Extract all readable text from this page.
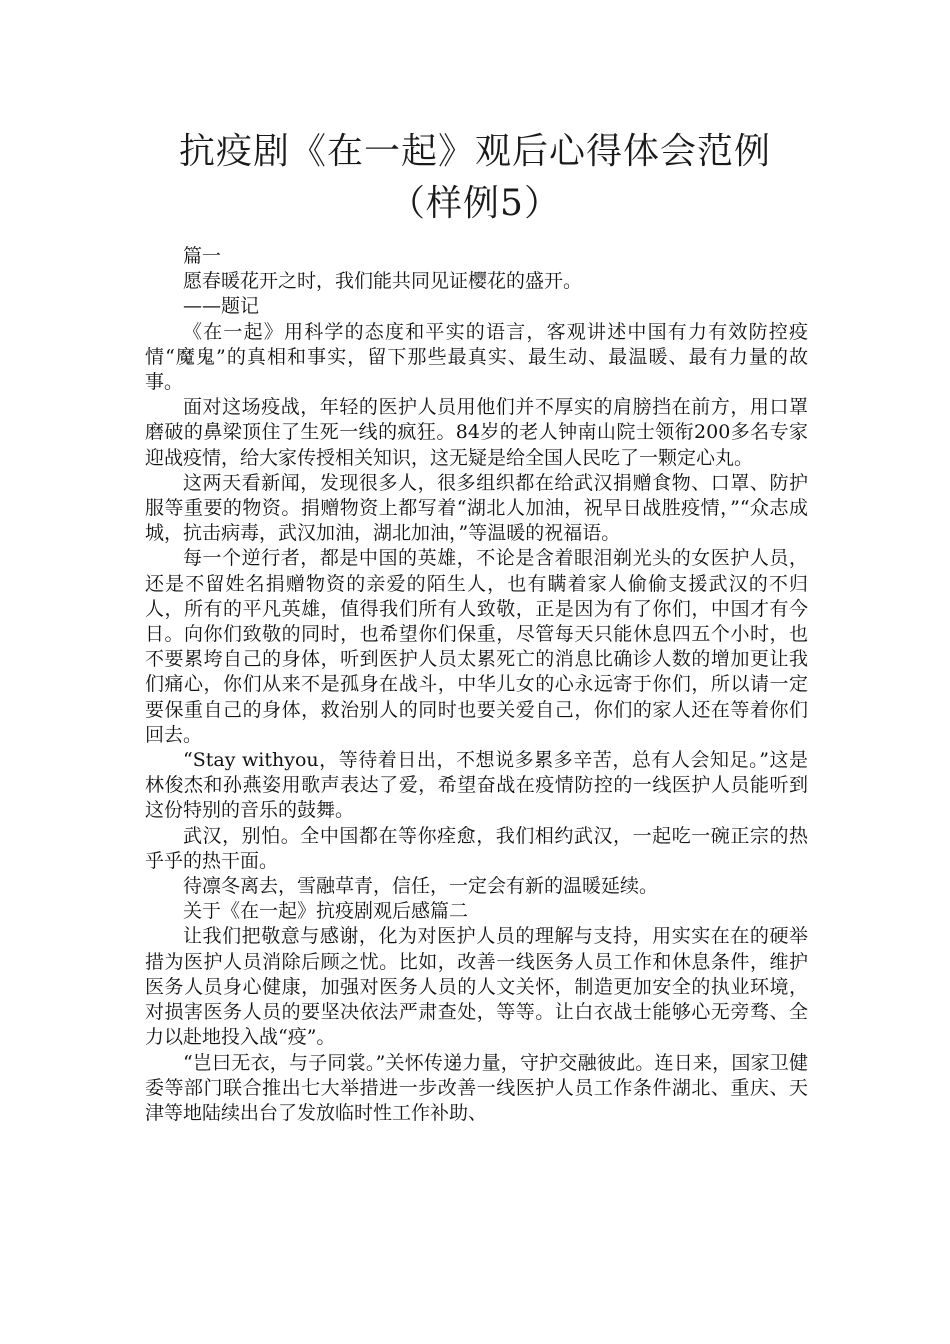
抗疫剧《在一起》观后心得体会范例（样例5）

篇一

愿春暖花开之时，我们能共同见证樱花的盛开。

——题记

《在一起》用科学的态度和平实的语言，客观讲述中国有力有效防控疫情“魔鬼”的真相和事实，留下那些最真实、最生动、最温暖、最有力量的故事。

面对这场疫战，年轻的医护人员用他们并不厚实的肩膀挡在前方，用口罩磨破的鼻梁顶住了生死一线的疯狂。84岁的老人钟南山院士领衔200多名专家迎战疫情，给大家传授相关知识，这无疑是给全国人民吃了一颗定心丸。

这两天看新闻，发现很多人，很多组织都在给武汉捐赠食物、口罩、防护服等重要的物资。捐赠物资上都写着“湖北人加油，祝早日战胜疫情，”“众志成城，抗击病毒，武汉加油，湖北加油，”等温暖的祝福语。

每一个逆行者，都是中国的英雄，不论是含着眼泪剃光头的女医护人员，还是不留姓名捐赠物资的亲爱的陌生人，也有瞒着家人偷偷支援武汉的不归人，所有的平凡英雄，值得我们所有人致敬，正是因为有了你们，中国才有今日。向你们致敬的同时，也希望你们保重，尽管每天只能休息四五个小时，也不要累垮自己的身体，听到医护人员太累死亡的消息比确诊人数的增加更让我们痛心，你们从来不是孤身在战斗，中华儿女的心永远寄于你们，所以请一定要保重自己的身体，救治别人的同时也要关爱自己，你们的家人还在等着你们回去。

“Stay withyou，等待着日出，不想说多累多辛苦，总有人会知足。”这是林俊杰和孙燕姿用歌声表达了爱，希望奋战在疫情防控的一线医护人员能听到这份特别的音乐的鼓舞。

武汉，别怕。全中国都在等你痊愈，我们相约武汉，一起吃一碗正宗的热乎乎的热干面。

待凛冬离去，雪融草青，信任，一定会有新的温暖延续。

关于《在一起》抗疫剧观后感篇二

让我们把敬意与感谢，化为对医护人员的理解与支持，用实实在在的硬举措为医护人员消除后顾之忧。比如，改善一线医务人员工作和休息条件，维护医务人员身心健康，加强对医务人员的人文关怀，制造更加安全的执业环境，对损害医务人员的要坚决依法严肃查处，等等。让白衣战士能够心无旁骛、全力以赴地投入战“疫”。

“岂曰无衣，与子同裳。”关怀传递力量，守护交融彼此。连日来，国家卫健委等部门联合推出七大举措进一步改善一线医护人员工作条件湖北、重庆、天津等地陆续出台了发放临时性工作补助、
